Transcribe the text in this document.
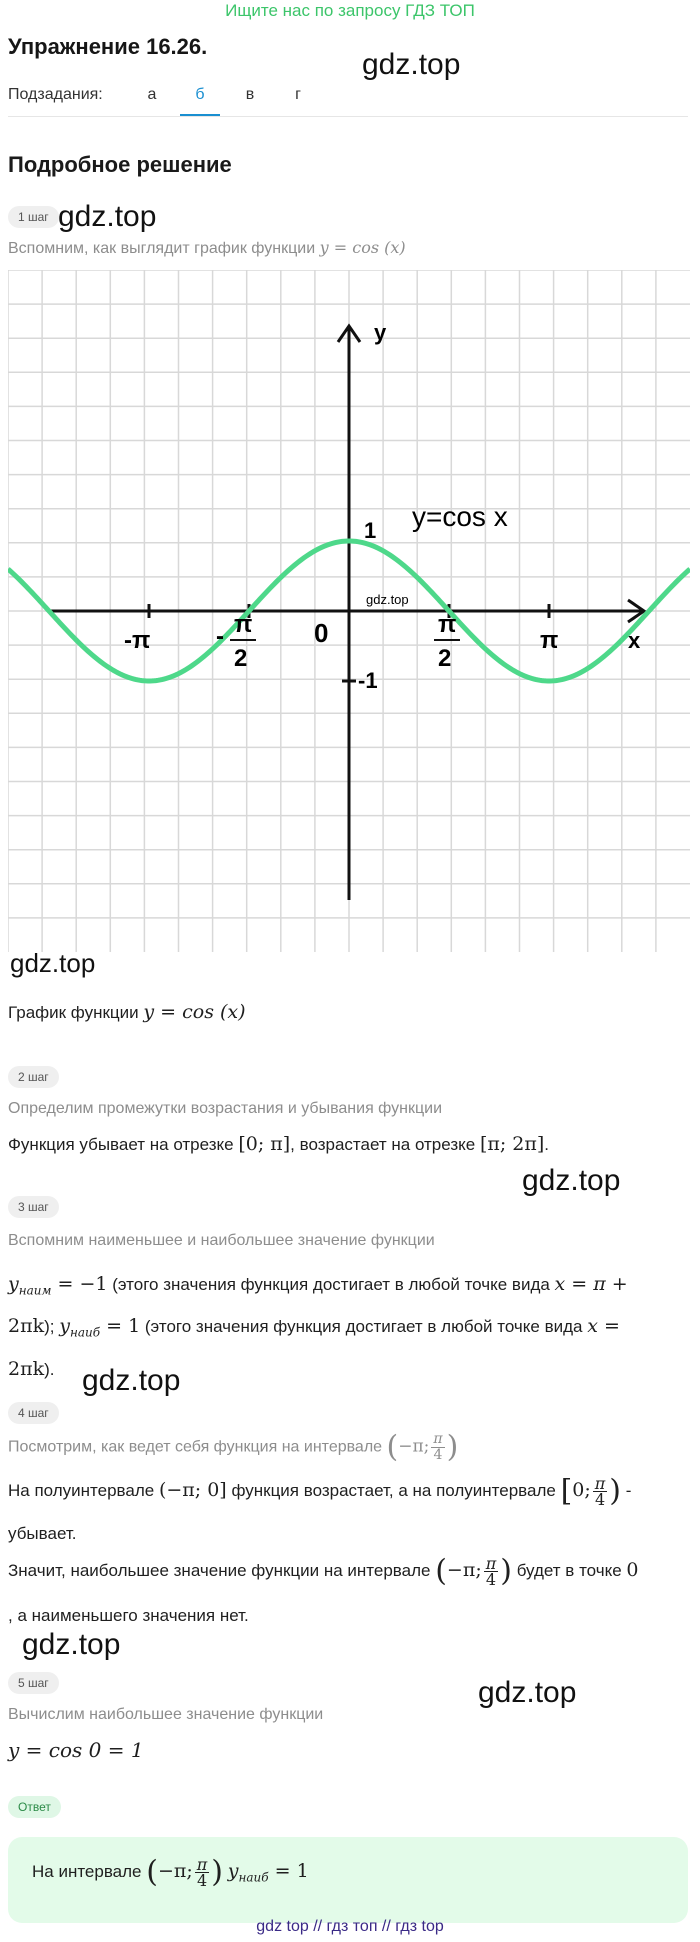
Ищите нас по запросу ГДЗ ТОП
Упражнение 16.26.
gdz.top
Подзадания:	а	б	в	г
Подробное решение
1 шаг gdz.top
Вспомним, как выглядит график функции y = cos (x)
y
x
y=cos x
1
-1
0
-π	π
- π
2
π
2
gdz.top
gdz.top
График функции y = cos (x)
2 шаг
Определим промежутки возрастания и убывания функции
Функция убывает на отрезке [0; π], возрастает на отрезке [π; 2π].
gdz.top
3 шаг
Вспомним наименьшее и наибольшее значение функции
$y_{наим} = -1$ (этого значения функция достигает в любой точке вида x = π +
2πk); $y_{наиб} = 1$ (этого значения функция достигает в любой точке вида x =
2πk). gdz.top
4 шаг
Посмотрим, как ведет себя функция на интервале (−π; $\frac{\pi}{4}$ )
На полуинтервале (−π; 0] функция возрастает, а на полуинтервале [0; $\frac{\pi}{4}$ ) -
убывает.
Значит, наибольшее значение функции на интервале (−π; $\frac{\pi}{4}$ ) будет в точке 0
, а наименьшего значения нет.
gdz.top
5 шаг	gdz.top
Вычислим наибольшее значение функции
y = cos 0 = 1
Ответ
На интервале (−π; $\frac{\pi}{4}$ ) $y_{наиб} = 1$
gdz top // гдз топ // гдз top
